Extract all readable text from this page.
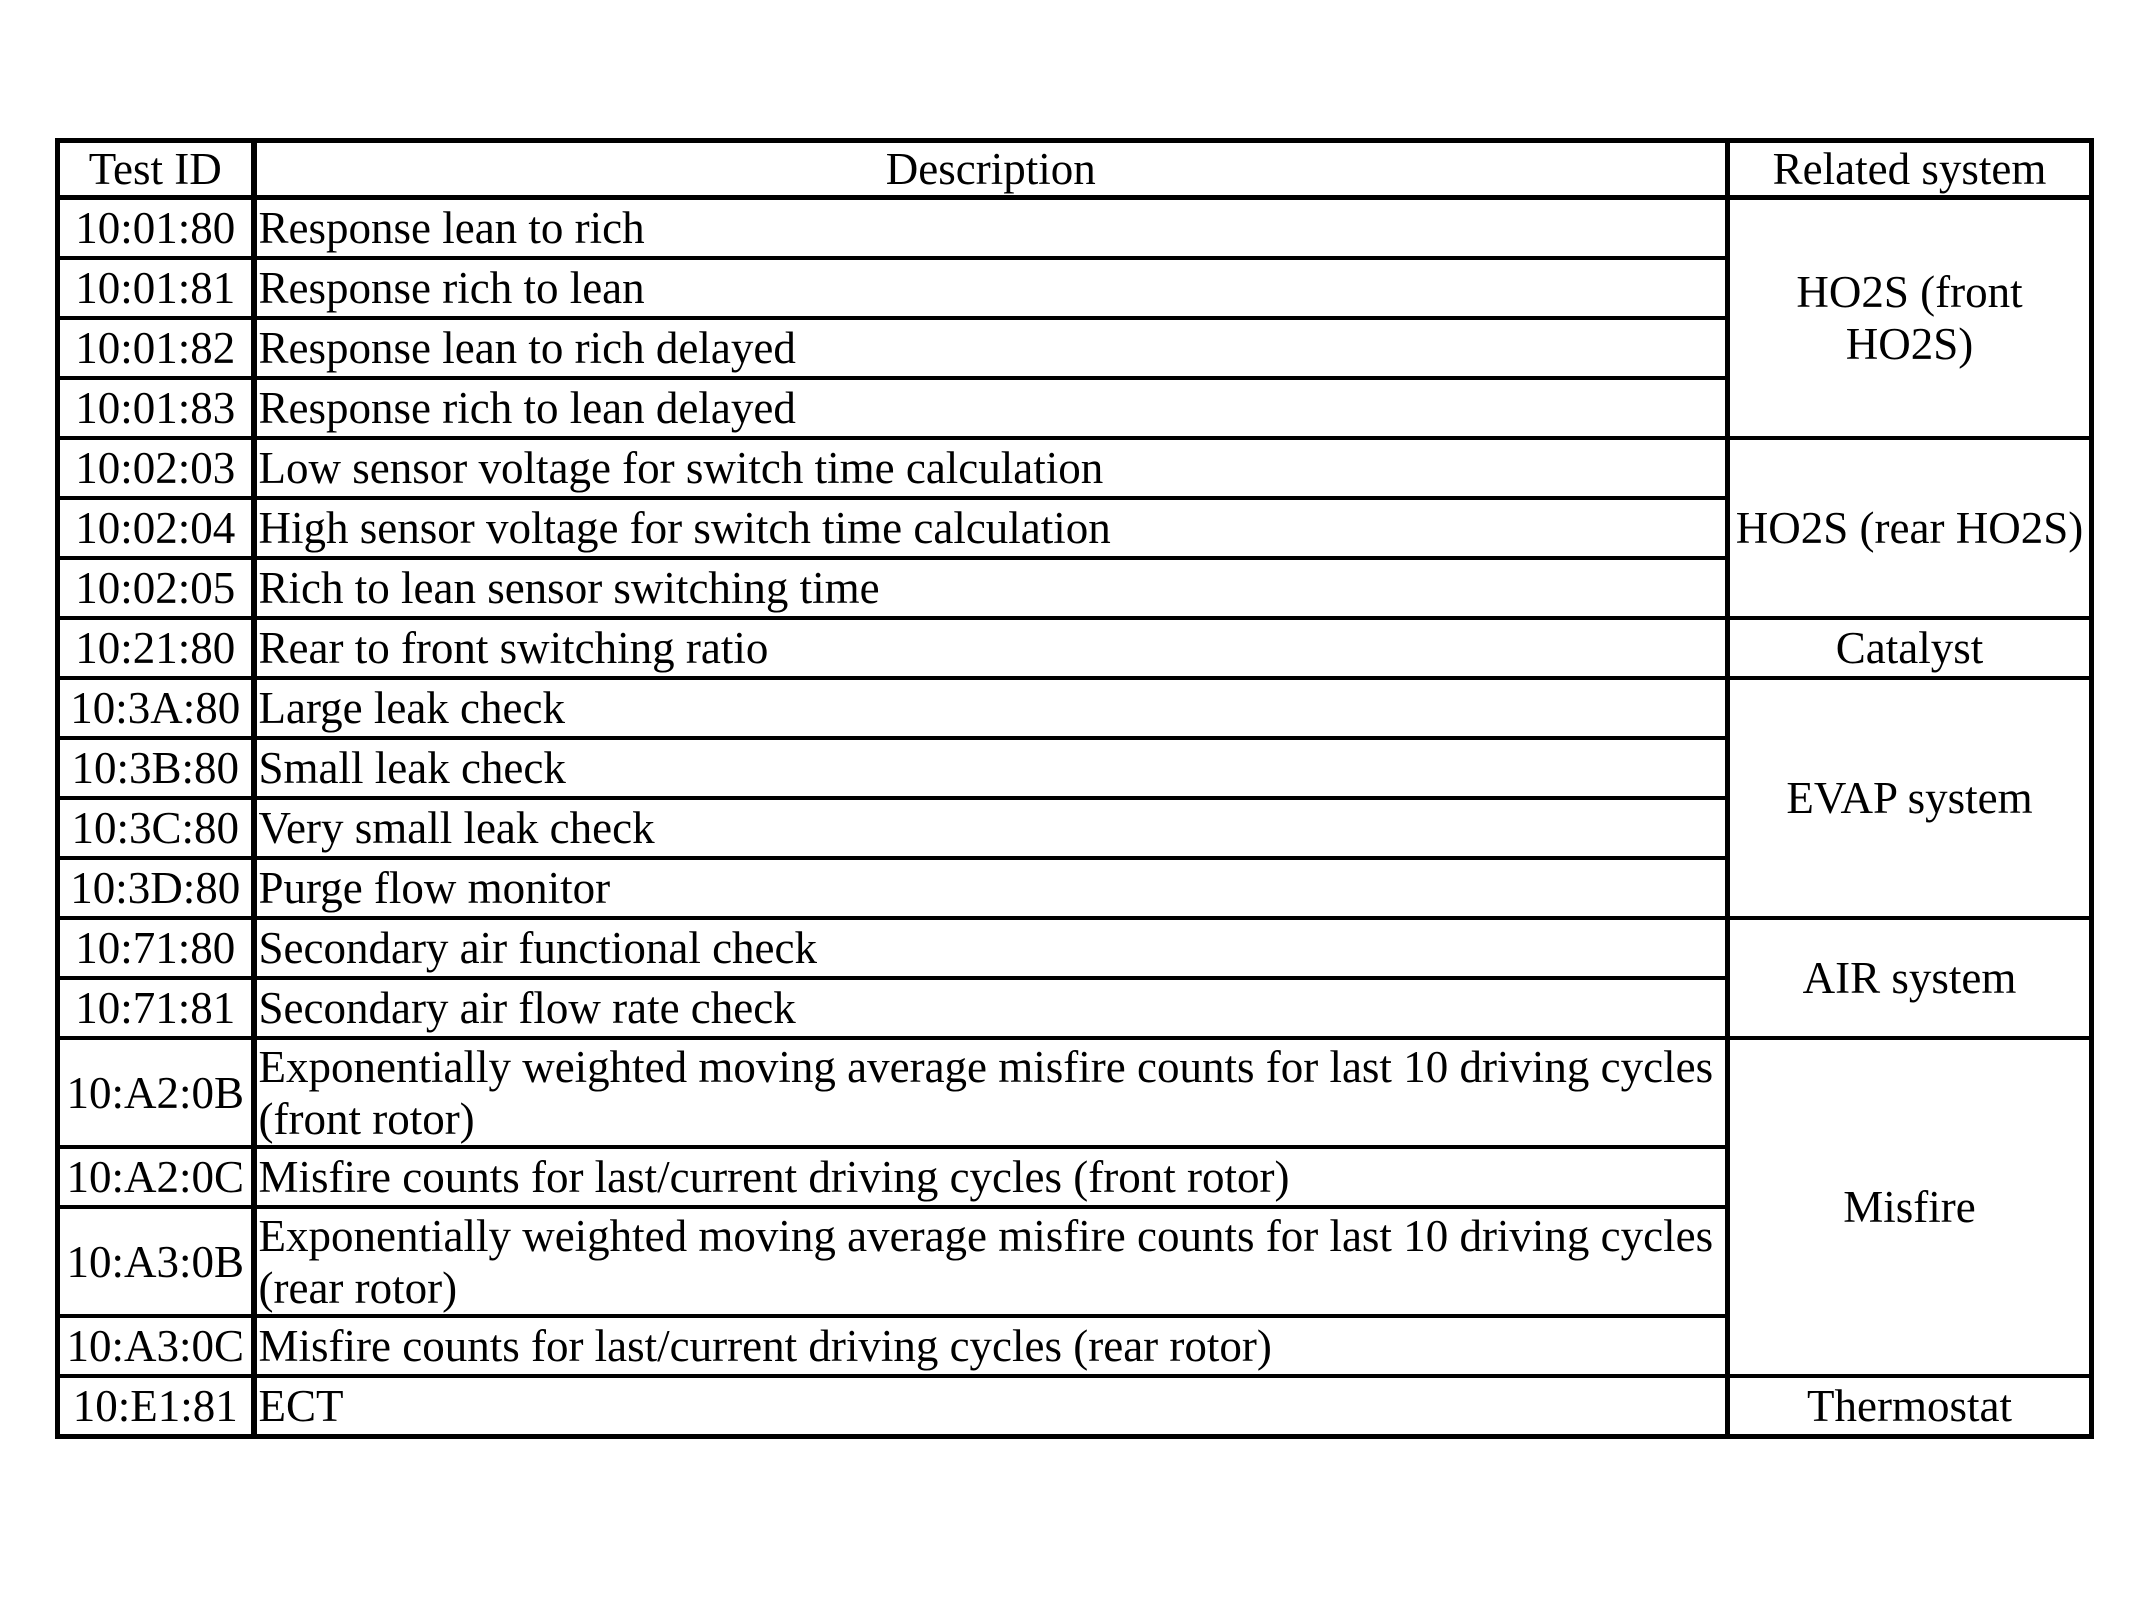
Test ID	Description	Related system
10:01:80	Response lean to rich	HO2S (front HO2S)
10:01:81	Response rich to lean	
10:01:82	Response lean to rich delayed	
10:01:83	Response rich to lean delayed	
10:02:03	Low sensor voltage for switch time calculation	HO2S (rear HO2S)
10:02:04	High sensor voltage for switch time calculation	
10:02:05	Rich to lean sensor switching time	
10:21:80	Rear to front switching ratio	Catalyst
10:3A:80	Large leak check	EVAP system
10:3B:80	Small leak check	
10:3C:80	Very small leak check	
10:3D:80	Purge flow monitor	
10:71:80	Secondary air functional check	AIR system
10:71:81	Secondary air flow rate check	
10:A2:0B	Exponentially weighted moving average misfire counts for last 10 driving cycles (front rotor)	Misfire
10:A2:0C	Misfire counts for last/current driving cycles (front rotor)	
10:A3:0B	Exponentially weighted moving average misfire counts for last 10 driving cycles (rear rotor)	
10:A3:0C	Misfire counts for last/current driving cycles (rear rotor)	
10:E1:81	ECT	Thermostat
